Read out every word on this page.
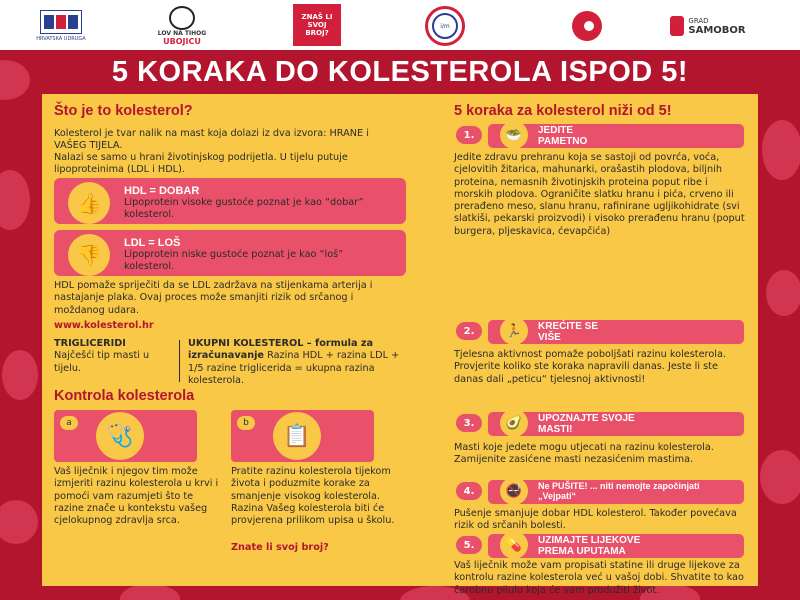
HRVATSKA UDRUGA
LOV NA TIHOG
UBOJICU
ZNAŠ LI SVOJ BROJ?
i/m
GRAD
SAMOBOR
5 KORAKA DO KOLESTEROLA ISPOD 5!
Što je to kolesterol?

Kolesterol je tvar nalik na mast koja dolazi iz dva izvora: HRANE i VAŠEG TIJELA.

Nalazi se samo u hrani životinjskog podrijetla. U tijelu putuje lipoproteinima (LDL i HDL).

👍	HDL = DOBAR
Lipoprotein visoke gustoće poznat je kao “dobar” kolesterol.
👎	LDL = LOŠ
Lipoprotein niske gustoće poznat je kao “loš” kolesterol.

HDL pomaže spriječiti da se LDL zadržava na stijenkama arterija i nastajanje plaka. Ovaj proces može smanjiti rizik od srčanog i moždanog udara.

www.kolesterol.hr

TRIGLICERIDI

Najčešći tip masti u tijelu.

UKUPNI KOLESTEROL – formula za izračunavanje Razina HDL + razina LDL + 1/5 razine triglicerida = ukupna razina kolesterola.

Kontrola kolesterola
a
🩺
b
📋

Vaš liječnik i njegov tim može izmjeriti razinu kolesterola u krvi i pomoći vam razumjeti što te razine znače u kontekstu vašeg cjelokupnog zdravlja srca.

Pratite razinu kolesterola tijekom života i poduzmite korake za smanjenje visokog kolesterola. Razina Vašeg kolesterola biti će provjerena prilikom upisa u školu.

Znate li svoj broj?

5 koraka za kolesterol niži od 5!
1.	🥗	JEDITE PAMETNO

Jedite zdravu prehranu koja se sastoji od povrća, voća, cjelovitih žitarica, mahunarki, orašastih plodova, biljnih proteina, nemasnih životinjskih proteina poput ribe i morskih plodova. Ograničite slatku hranu i pića, crveno ili prerađeno meso, slanu hranu, rafinirane ugljikohidrate (svi slatkiši, pekarski proizvodi) i visoko prerađenu hranu (poput burgera, pljeskavica, ćevapčića)

2.	🏃	KREĆITE SE VIŠE

Tjelesna aktivnost pomaže poboljšati razinu kolesterola. Provjerite koliko ste koraka napravili danas. Jeste li ste danas dali „peticu“ tjelesnoj aktivnosti!

3.	🥑	UPOZNAJTE SVOJE MASTI!

Masti koje jedete mogu utjecati na razinu kolesterola. Zamijenite zasićene masti nezasićenim mastima.

4.	🚭	Ne PUŠITE! ... niti nemojte započinjati „Vejpati“

Pušenje smanjuje dobar HDL kolesterol. Također povećava rizik od srčanih bolesti.

5.	💊	UZIMAJTE LIJEKOVE PREMA UPUTAMA

Vaš liječnik može vam propisati statine ili druge lijekove za kontrolu razine kolesterola već u vašoj dobi. Shvatite to kao čarobnu pilulu koja će vam produžiti život.
